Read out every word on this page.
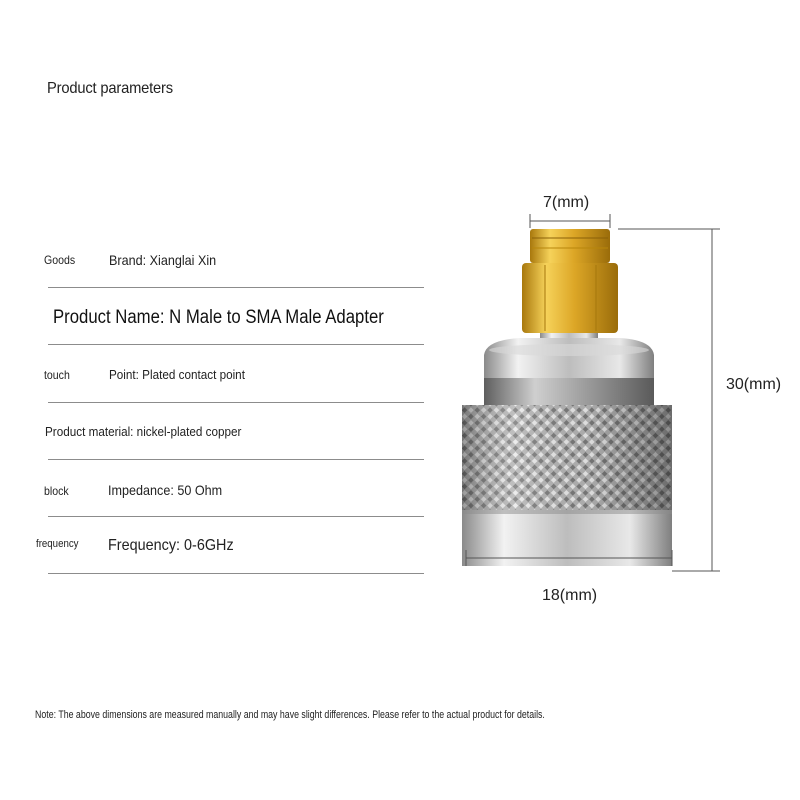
Product parameters
Goods Brand: Xianglai Xin
Product Name: N Male to SMA Male Adapter
touch	Point: Plated contact point
Product material: nickel-plated copper
block	Impedance: 50 Ohm
frequency Frequency: 0-6GHz
7(mm)
30(mm)
18(mm)
Note: The above dimensions are measured manually and may have slight differences. Please refer to the actual product for details.
